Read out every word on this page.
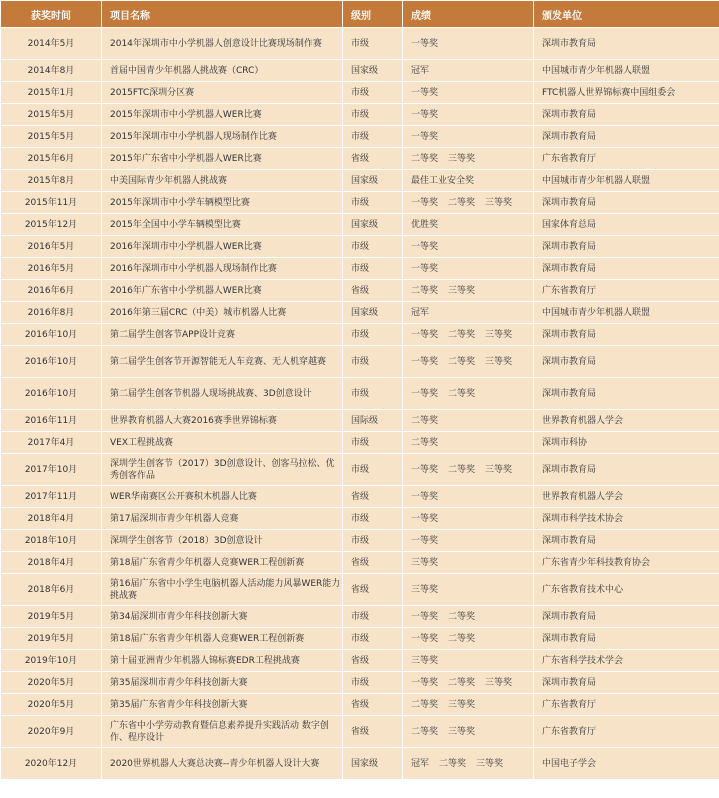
获奖时间	项目名称	级别	成绩	颁发单位
2014年5月	2014年深圳市中小学机器人创意设计比赛现场制作赛	市级	一等奖	深圳市教育局
2014年8月	首届中国青少年机器人挑战赛（CRC）	国家级	冠军	中国城市青少年机器人联盟
2015年1月	2015FTC深圳分区赛	市级	一等奖	FTC机器人世界锦标赛中国组委会
2015年5月	2015年深圳市中小学机器人WER比赛	市级	一等奖	深圳市教育局
2015年5月	2015年深圳市中小学机器人现场制作比赛	市级	一等奖	深圳市教育局
2015年6月	2015年广东省中小学机器人WER比赛	省级	二等奖 三等奖	广东省教育厅
2015年8月	中美国际青少年机器人挑战赛	国家级	最佳工业安全奖	中国城市青少年机器人联盟
2015年11月	2015年深圳市中小学车辆模型比赛	市级	一等奖 二等奖 三等奖	深圳市教育局
2015年12月	2015年全国中小学车辆模型比赛	国家级	优胜奖	国家体育总局
2016年5月	2016年深圳市中小学机器人WER比赛	市级	一等奖	深圳市教育局
2016年5月	2016年深圳市中小学机器人现场制作比赛	市级	一等奖	深圳市教育局
2016年6月	2016年广东省中小学机器人WER比赛	省级	二等奖 三等奖	广东省教育厅
2016年8月	2016年第三届CRC（中美）城市机器人比赛	国家级	冠军	中国城市青少年机器人联盟
2016年10月	第二届学生创客节APP设计竞赛	市级	一等奖 二等奖 三等奖	深圳市教育局
2016年10月	第二届学生创客节开源智能无人车竞赛、无人机穿越赛	市级	一等奖 二等奖 三等奖	深圳市教育局
2016年10月	第二届学生创客节机器人现场挑战赛、3D创意设计	市级	一等奖 二等奖	深圳市教育局
2016年11月	世界教育机器人大赛2016赛季世界锦标赛	国际级	二等奖	世界教育机器人学会
2017年4月	VEX工程挑战赛	市级	二等奖	深圳市科协
2017年10月	深圳学生创客节（2017）3D创意设计、创客马拉松、优秀创客作品	市级	一等奖 二等奖 三等奖	深圳市教育局
2017年11月	WER华南赛区公开赛积木机器人比赛	省级	一等奖	世界教育机器人学会
2018年4月	第17届深圳市青少年机器人竞赛	市级	一等奖	深圳市科学技术协会
2018年10月	深圳学生创客节（2018）3D创意设计	市级	一等奖	深圳市教育局
2018年4月	第18届广东省青少年机器人竞赛WER工程创新赛	省级	三等奖	广东省青少年科技教育协会
2018年6月	第16届广东省中小学生电脑机器人活动能力风暴WER能力挑战赛	省级	三等奖	广东省教育技术中心
2019年5月	第34届深圳市青少年科技创新大赛	市级	一等奖 二等奖	深圳市教育局
2019年5月	第18届广东省青少年机器人竞赛WER工程创新赛	市级	一等奖 二等奖	深圳市教育局
2019年10月	第十届亚洲青少年机器人锦标赛EDR工程挑战赛	省级	三等奖	广东省科学技术学会
2020年5月	第35届深圳市青少年科技创新大赛	市级	一等奖 二等奖 三等奖	深圳市教育局
2020年5月	第35届广东省青少年科技创新大赛	省级	二等奖 三等奖	广东省教育厅
2020年9月	广东省中小学劳动教育暨信息素养提升实践活动 数字创作、程序设计	省级	二等奖 三等奖	广东省教育厅
2020年12月	2020世界机器人大赛总决赛--青少年机器人设计大赛	国家级	冠军 二等奖 三等奖	中国电子学会
